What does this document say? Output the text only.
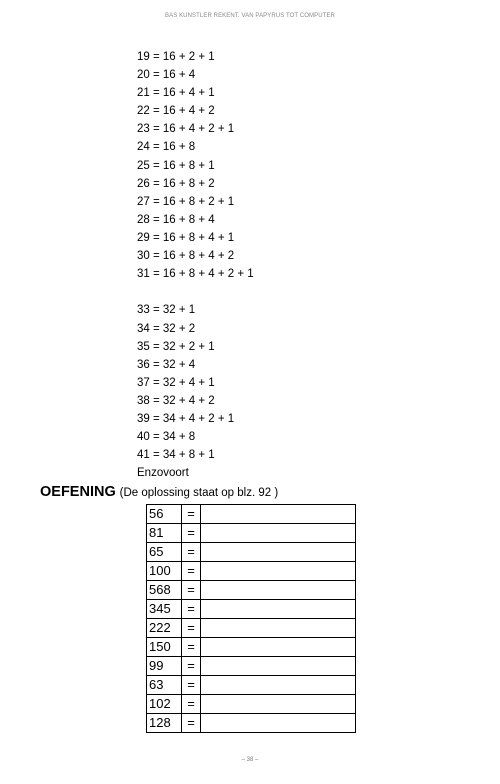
BAS KUNSTLER REKENT. VAN PAPYRUS TOT COMPUTER
19 = 16 + 2 + 1
20 = 16 + 4
21 = 16 + 4 + 1
22 = 16 + 4 + 2
23 = 16 + 4 + 2 + 1
24 = 16 + 8
25 = 16 + 8 + 1
26 = 16 + 8 + 2
27 = 16 + 8 + 2 + 1
28 = 16 + 8 + 4
29 = 16 + 8 + 4 + 1
30 = 16 + 8 + 4 + 2
31 = 16 + 8 + 4 + 2 + 1
33 = 32 + 1
34 = 32 + 2
35 = 32 + 2 + 1
36 = 32 + 4
37 = 32 + 4 + 1
38 = 32 + 4 + 2
39 = 34 + 4 + 2 + 1
40 = 34 + 8
41 = 34 + 8 + 1
Enzovoort
OEFENING (De oplossing staat op blz. 92 )
56	=	
81	=	
65	=	
100	=	
568	=	
345	=	
222	=	
150	=	
99	=	
63	=	
102	=	
128	=	
– 38 –
